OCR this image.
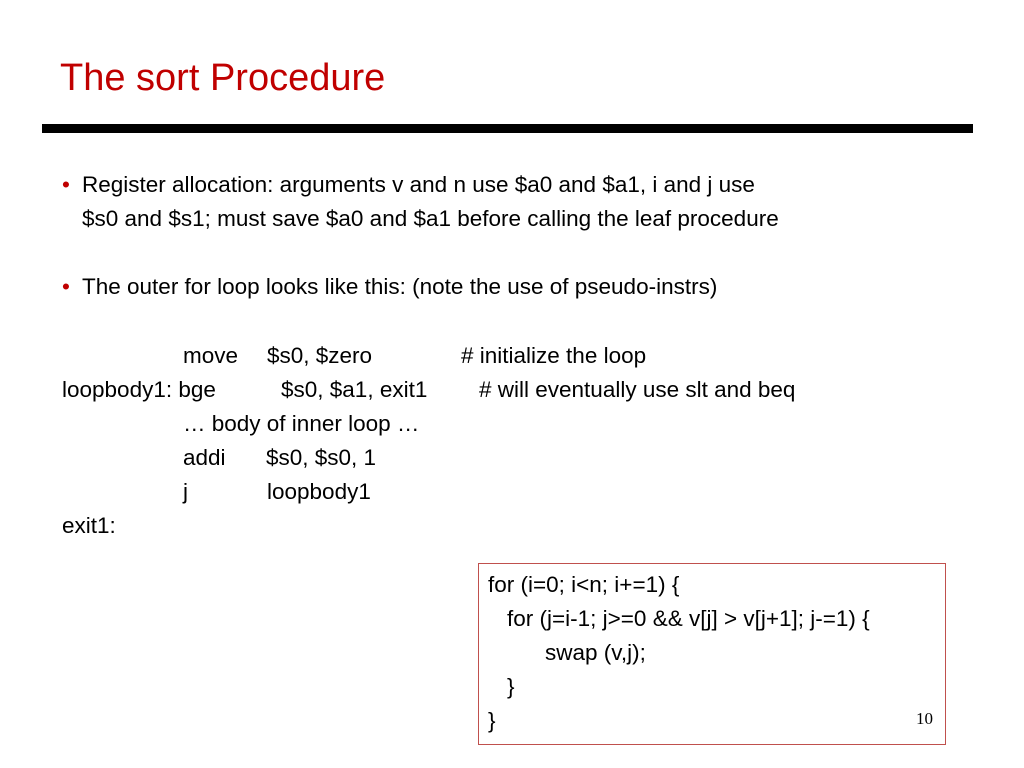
The sort Procedure
• Register allocation: arguments v and n use $a0 and $a1, i and j use
$s0 and $s1; must save $a0 and $a1 before calling the leaf procedure
• The outer for loop looks like this: (note the use of pseudo-instrs)
move $s0, $zero	# initialize the loop
loopbody1: bge	$s0, $a1, exit1 # will eventually use slt and beq
… body of inner loop …
addi $s0, $s0, 1
j	loopbody1
exit1:
for (i=0; i<n; i+=1) {
for (j=i-1; j>=0 && v[j] > v[j+1]; j-=1) {
swap (v,j);
}
}	10
